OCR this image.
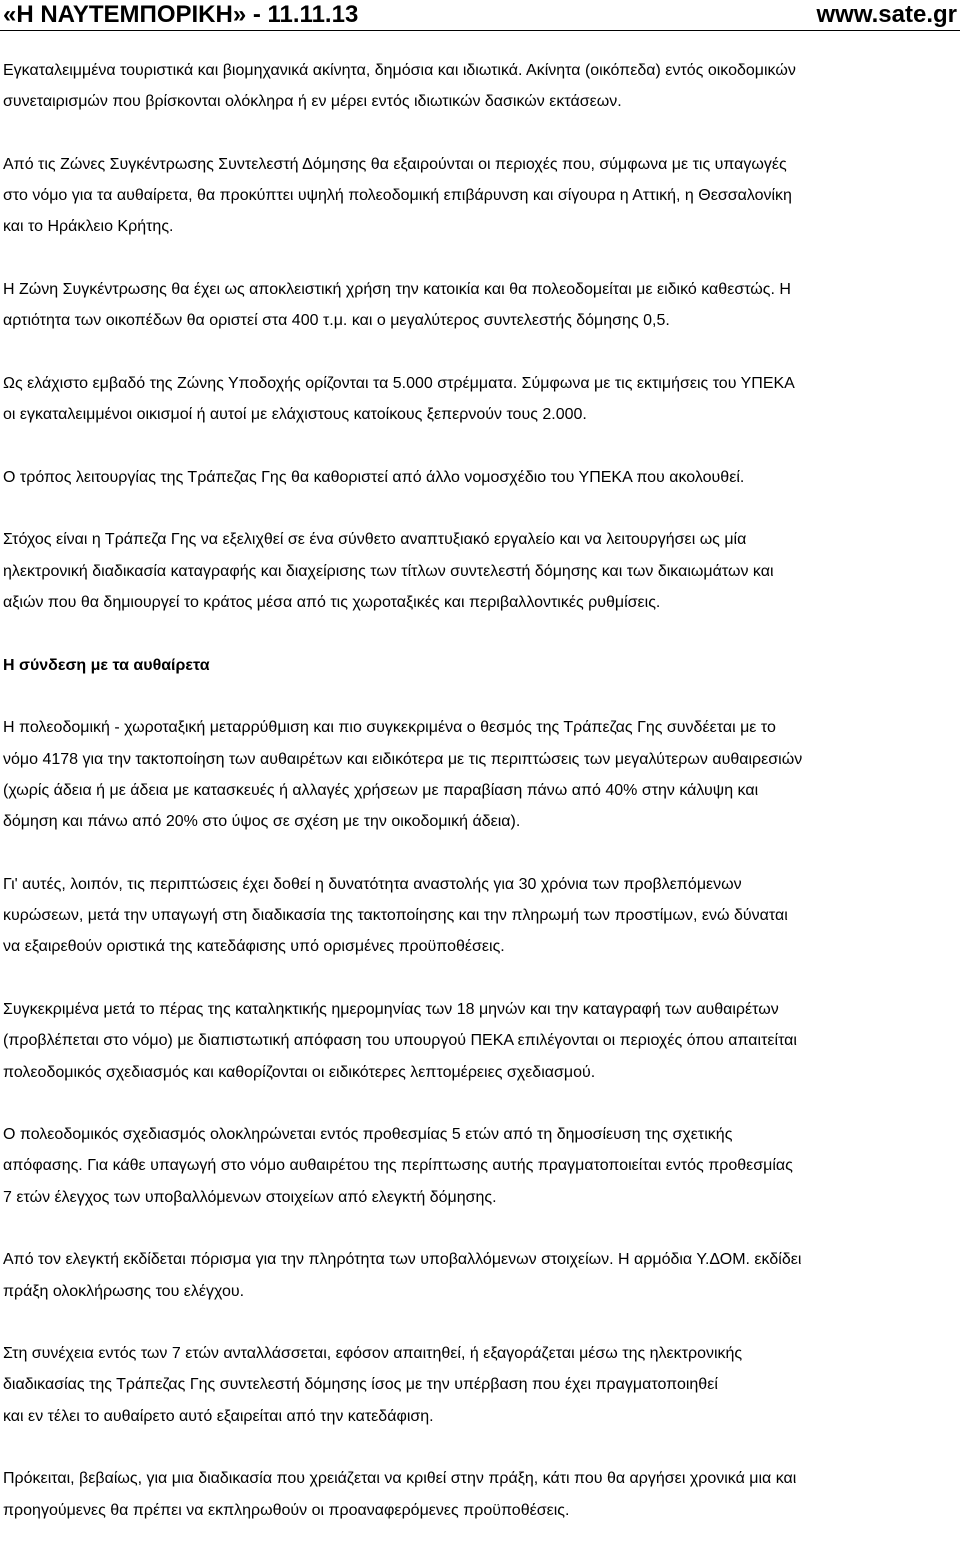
«Η ΝΑΥΤΕΜΠΟΡΙΚΗ» - 11.11.13	www.sate.gr

Εγκαταλειμμένα τουριστικά και βιομηχανικά ακίνητα, δημόσια και ιδιωτικά. Ακίνητα (οικόπεδα) εντός οικοδομικών
συνεταιρισμών που βρίσκονται ολόκληρα ή εν μέρει εντός ιδιωτικών δασικών εκτάσεων.

Από τις Ζώνες Συγκέντρωσης Συντελεστή Δόμησης θα εξαιρούνται οι περιοχές που, σύμφωνα με τις υπαγωγές
στο νόμο για τα αυθαίρετα, θα προκύπτει υψηλή πολεοδομική επιβάρυνση και σίγουρα η Αττική, η Θεσσαλονίκη
και το Ηράκλειο Κρήτης.

Η Ζώνη Συγκέντρωσης θα έχει ως αποκλειστική χρήση την κατοικία και θα πολεοδομείται με ειδικό καθεστώς. Η
αρτιότητα των οικοπέδων θα οριστεί στα 400 τ.μ. και ο μεγαλύτερος συντελεστής δόμησης 0,5.

Ως ελάχιστο εμβαδό της Ζώνης Υποδοχής ορίζονται τα 5.000 στρέμματα. Σύμφωνα με τις εκτιμήσεις του ΥΠΕΚΑ
οι εγκαταλειμμένοι οικισμοί ή αυτοί με ελάχιστους κατοίκους ξεπερνούν τους 2.000.

Ο τρόπος λειτουργίας της Τράπεζας Γης θα καθοριστεί από άλλο νομοσχέδιο του ΥΠΕΚΑ που ακολουθεί.

Στόχος είναι η Τράπεζα Γης να εξελιχθεί σε ένα σύνθετο αναπτυξιακό εργαλείο και να λειτουργήσει ως μία
ηλεκτρονική διαδικασία καταγραφής και διαχείρισης των τίτλων συντελεστή δόμησης και των δικαιωμάτων και
αξιών που θα δημιουργεί το κράτος μέσα από τις χωροταξικές και περιβαλλοντικές ρυθμίσεις.

Η σύνδεση με τα αυθαίρετα

Η πολεοδομική - χωροταξική μεταρρύθμιση και πιο συγκεκριμένα ο θεσμός της Τράπεζας Γης συνδέεται με το
νόμο 4178 για την τακτοποίηση των αυθαιρέτων και ειδικότερα με τις περιπτώσεις των μεγαλύτερων αυθαιρεσιών
(χωρίς άδεια ή με άδεια με κατασκευές ή αλλαγές χρήσεων με παραβίαση πάνω από 40% στην κάλυψη και
δόμηση και πάνω από 20% στο ύψος σε σχέση με την οικοδομική άδεια).

Γι' αυτές, λοιπόν, τις περιπτώσεις έχει δοθεί η δυνατότητα αναστολής για 30 χρόνια των προβλεπόμενων
κυρώσεων, μετά την υπαγωγή στη διαδικασία της τακτοποίησης και την πληρωμή των προστίμων, ενώ δύναται
να εξαιρεθούν οριστικά της κατεδάφισης υπό ορισμένες προϋποθέσεις.

Συγκεκριμένα μετά το πέρας της καταληκτικής ημερομηνίας των 18 μηνών και την καταγραφή των αυθαιρέτων
(προβλέπεται στο νόμο) με διαπιστωτική απόφαση του υπουργού ΠΕΚΑ επιλέγονται οι περιοχές όπου απαιτείται
πολεοδομικός σχεδιασμός και καθορίζονται οι ειδικότερες λεπτομέρειες σχεδιασμού.

Ο πολεοδομικός σχεδιασμός ολοκληρώνεται εντός προθεσμίας 5 ετών από τη δημοσίευση της σχετικής
απόφασης. Για κάθε υπαγωγή στο νόμο αυθαιρέτου της περίπτωσης αυτής πραγματοποιείται εντός προθεσμίας
7 ετών έλεγχος των υποβαλλόμενων στοιχείων από ελεγκτή δόμησης.

Από τον ελεγκτή εκδίδεται πόρισμα για την πληρότητα των υποβαλλόμενων στοιχείων. Η αρμόδια Υ.ΔΟΜ. εκδίδει
πράξη ολοκλήρωσης του ελέγχου.

Στη συνέχεια εντός των 7 ετών ανταλλάσσεται, εφόσον απαιτηθεί, ή εξαγοράζεται μέσω της ηλεκτρονικής
διαδικασίας της Τράπεζας Γης συντελεστή δόμησης ίσος με την υπέρβαση που έχει πραγματοποιηθεί
και εν τέλει το αυθαίρετο αυτό εξαιρείται από την κατεδάφιση.

Πρόκειται, βεβαίως, για μια διαδικασία που χρειάζεται να κριθεί στην πράξη, κάτι που θα αργήσει χρονικά μια και
προηγούμενες θα πρέπει να εκπληρωθούν οι προαναφερόμενες προϋποθέσεις.
